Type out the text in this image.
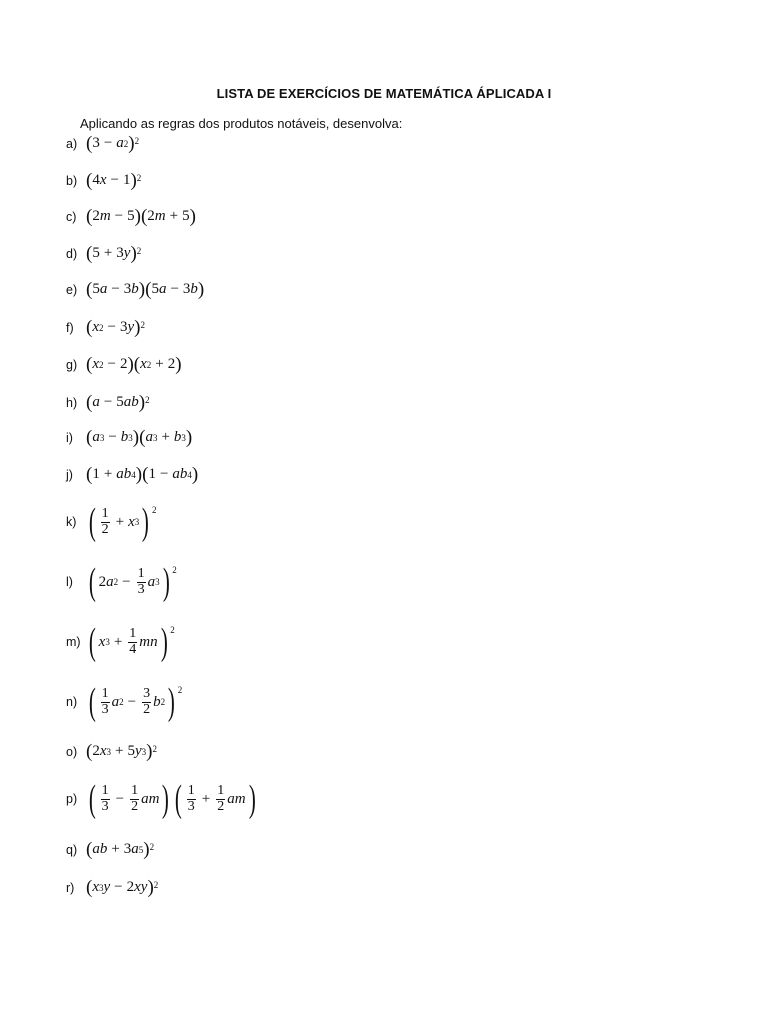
LISTA DE EXERCÍCIOS DE MATEMÁTICA ÁPLICADA I
Aplicando as regras dos produtos notáveis, desenvolva:
a) ( 3 − a 2 ) 2
b) ( 4 x − 1 ) 2
c) ( 2 m − 5 )( 2 m + 5 )
d) ( 5 + 3 y ) 2
e) ( 5 a − 3 b )( 5 a − 3 b )
f) ( x 2 − 3 y ) 2
g) ( x 2 − 2 )( x 2 + 2 )
h) ( a − 5 ab ) 2
i) ( a 3 − b 3 )( a 3 + b 3 )
j) ( 1 + ab 4 )( 1 − ab 4 )
k) ( $\frac{1}{2} + x$ 3 ) 2
l) ( 2 a $2 - \frac{1}{3}$ a 3 ) 2
m) ( x $3 + \frac{1}{4}$ mn ) 2
n) ( $\frac{1}{3}$ a $2 - \frac{3}{2}$ b 2 ) 2
o) ( 2 x 3 + 5 y 3 ) 2
p) ( $\frac{1}{3} - \frac{1}{2}$ am ) ( $\frac{1}{3} + \frac{1}{2}$ am )
q) ( ab + 3 a 5 ) 2
r) ( x 3 y − 2 xy ) 2
